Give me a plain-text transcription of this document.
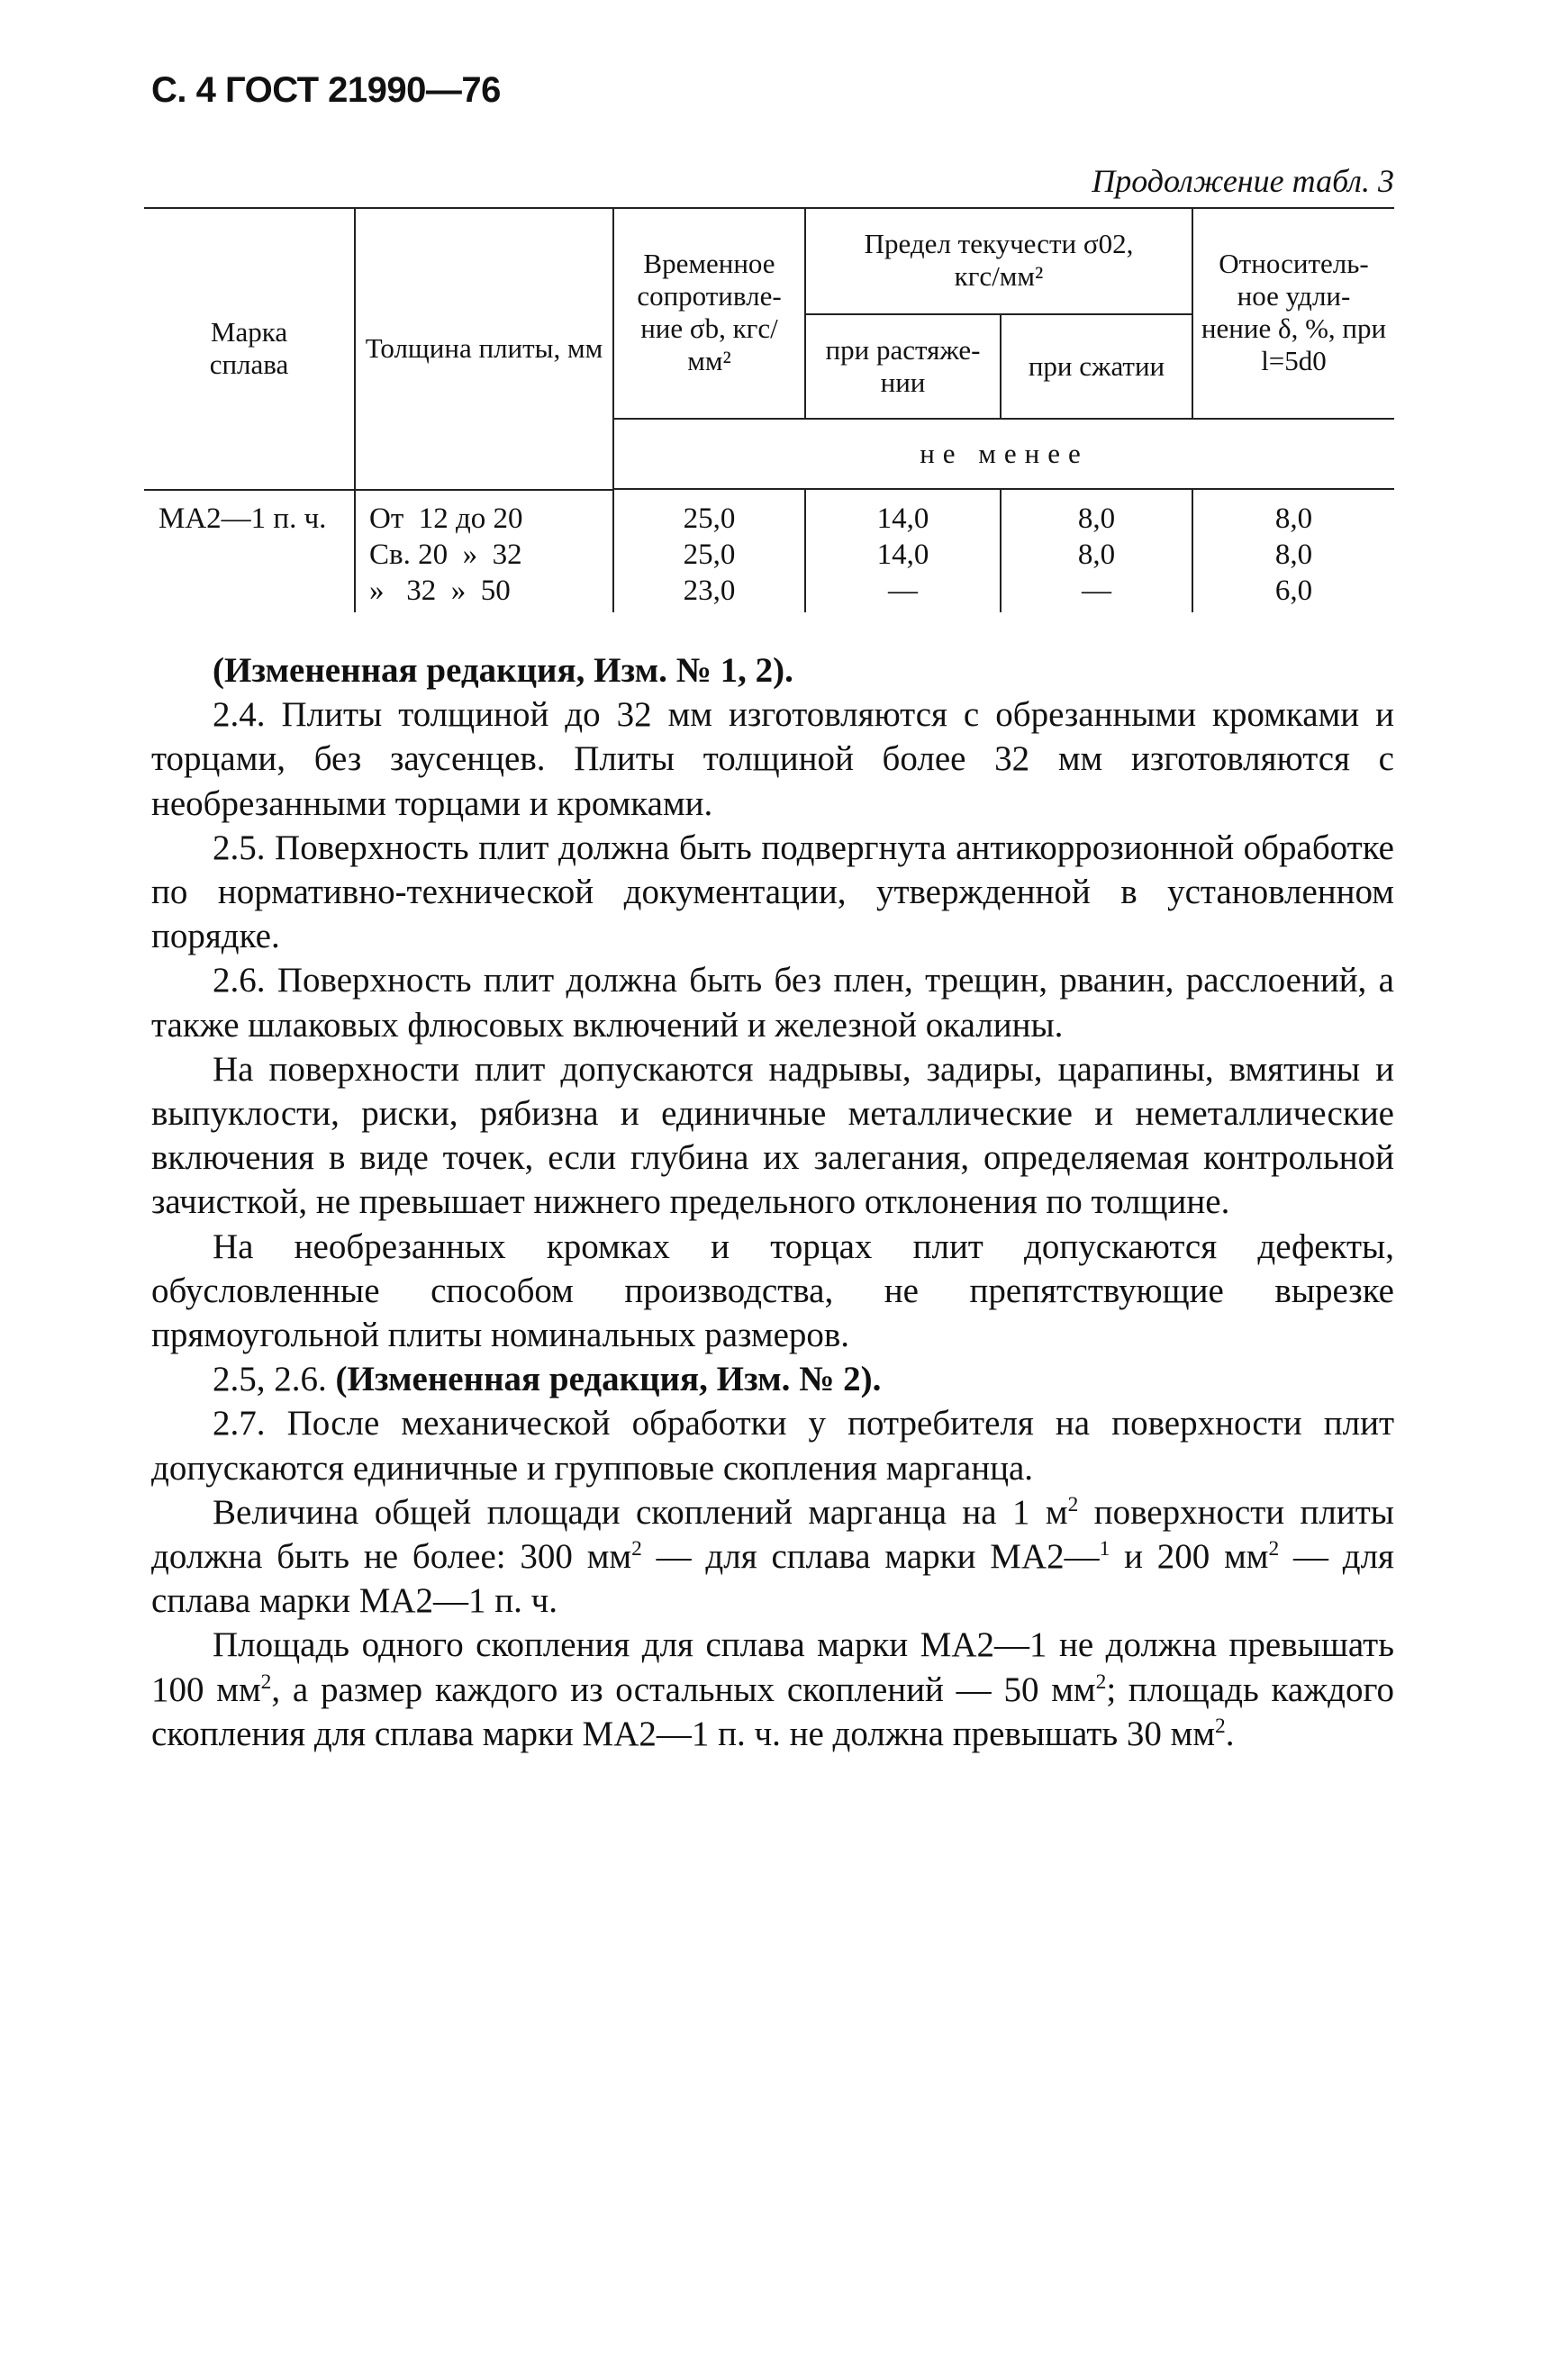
С. 4 ГОСТ 21990—76
Продолжение табл. 3
Марка сплава
Толщина плиты, мм
Временное сопротивле- ние σb, кгс/мм²
Предел текучести σ02, кгс/мм²
при растяже- нии
при сжатии
Относитель- ное удли- нение δ, %, при l=5d0
не менее
МА2—1 п. ч. От  12 до 20
Св. 20  »  32
»   32  »  50
25,0
25,0
23,0
14,0
14,0
—
8,0
8,0
—
8,0
8,0
6,0

(Измененная редакция, Изм. № 1, 2).

2.4. Плиты толщиной до 32 мм изготовляются с обрезанными кромками и торцами, без заусенцев. Плиты толщиной более 32 мм изготовляются с необрезанными торцами и кромками.

2.5. Поверхность плит должна быть подвергнута антикоррозионной обработке по нормативно-технической документации, утвержденной в установленном порядке.

2.6. Поверхность плит должна быть без плен, трещин, рванин, расслоений, а также шлаковых флюсовых включений и железной окалины.

На поверхности плит допускаются надрывы, задиры, царапины, вмятины и выпуклости, риски, рябизна и единичные металлические и неметаллические включения в виде точек, если глубина их залегания, определяемая контрольной зачисткой, не превышает нижнего предельного отклонения по толщине.

На необрезанных кромках и торцах плит допускаются дефекты, обусловленные способом производства, не препятствующие вырезке прямоугольной плиты номинальных размеров.

2.5, 2.6. (Измененная редакция, Изм. № 2).

2.7. После механической обработки у потребителя на поверхности плит допускаются единичные и групповые скопления марганца.

Величина общей площади скоплений марганца на 1 $м^2$ поверхности плиты должна быть не более: 300 $мм^2$ — для сплава марки МА2—$^1$ и 200 $мм^2$ — для сплава марки МА2—1 п. ч.

Площадь одного скопления для сплава марки МА2—1 не должна превышать 100 $мм^2$, а размер каждого из остальных скоплений — 50 $мм^2$; площадь каждого скопления для сплава марки МА2—1 п. ч. не должна превышать 30 $мм^2$.
